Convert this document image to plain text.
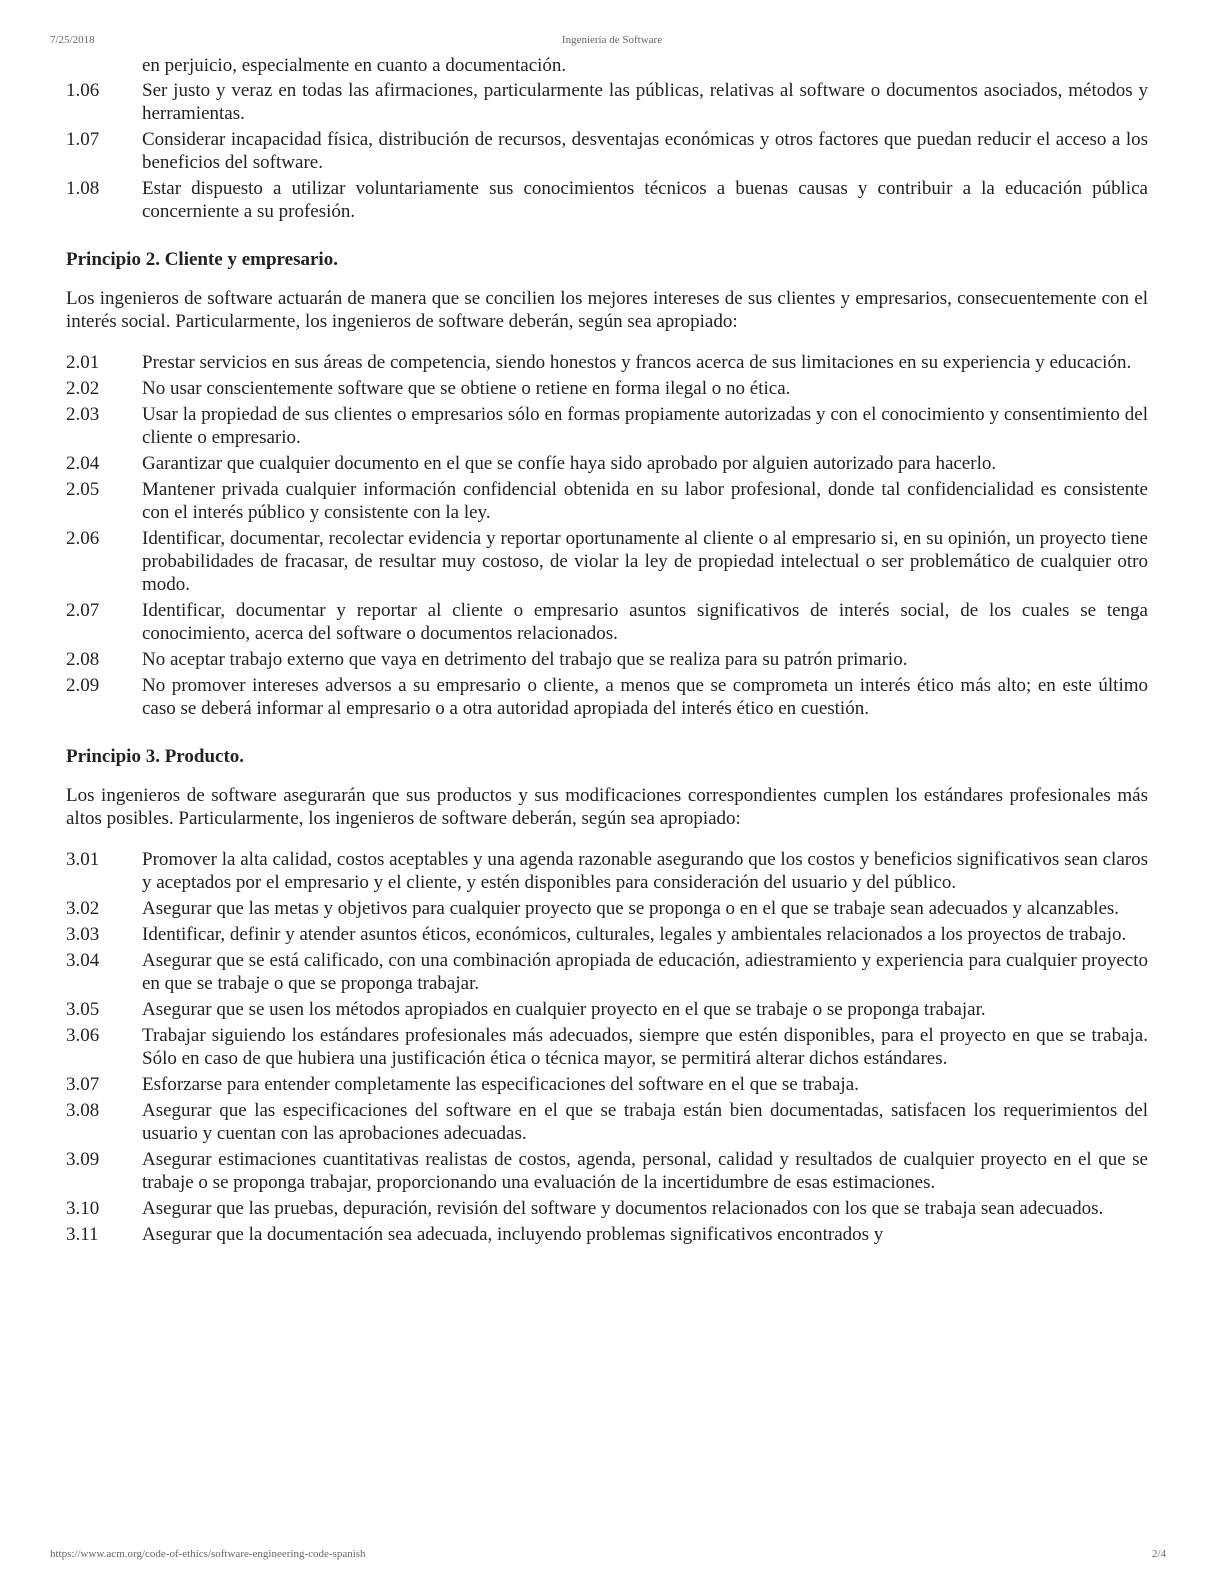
7/25/2018	Ingeniería de Software
en perjuicio, especialmente en cuanto a documentación.
1.06	Ser justo y veraz en todas las afirmaciones, particularmente las públicas, relativas al software o documentos asociados, métodos y herramientas.
1.07	Considerar incapacidad física, distribución de recursos, desventajas económicas y otros factores que puedan reducir el acceso a los beneficios del software.
1.08	Estar dispuesto a utilizar voluntariamente sus conocimientos técnicos a buenas causas y contribuir a la educación pública concerniente a su profesión.
Principio 2. Cliente y empresario.
Los ingenieros de software actuarán de manera que se concilien los mejores intereses de sus clientes y empresarios, consecuentemente con el interés social. Particularmente, los ingenieros de software deberán, según sea apropiado:
2.01	Prestar servicios en sus áreas de competencia, siendo honestos y francos acerca de sus limitaciones en su experiencia y educación.
2.02	No usar conscientemente software que se obtiene o retiene en forma ilegal o no ética.
2.03	Usar la propiedad de sus clientes o empresarios sólo en formas propiamente autorizadas y con el conocimiento y consentimiento del cliente o empresario.
2.04	Garantizar que cualquier documento en el que se confíe haya sido aprobado por alguien autorizado para hacerlo.
2.05	Mantener privada cualquier información confidencial obtenida en su labor profesional, donde tal confidencialidad es consistente con el interés público y consistente con la ley.
2.06	Identificar, documentar, recolectar evidencia y reportar oportunamente al cliente o al empresario si, en su opinión, un proyecto tiene probabilidades de fracasar, de resultar muy costoso, de violar la ley de propiedad intelectual o ser problemático de cualquier otro modo.
2.07	Identificar, documentar y reportar al cliente o empresario asuntos significativos de interés social, de los cuales se tenga conocimiento, acerca del software o documentos relacionados.
2.08	No aceptar trabajo externo que vaya en detrimento del trabajo que se realiza para su patrón primario.
2.09	No promover intereses adversos a su empresario o cliente, a menos que se comprometa un interés ético más alto; en este último caso se deberá informar al empresario o a otra autoridad apropiada del interés ético en cuestión.
Principio 3. Producto.
Los ingenieros de software asegurarán que sus productos y sus modificaciones correspondientes cumplen los estándares profesionales más altos posibles. Particularmente, los ingenieros de software deberán, según sea apropiado:
3.01	Promover la alta calidad, costos aceptables y una agenda razonable asegurando que los costos y beneficios significativos sean claros y aceptados por el empresario y el cliente, y estén disponibles para consideración del usuario y del público.
3.02	Asegurar que las metas y objetivos para cualquier proyecto que se proponga o en el que se trabaje sean adecuados y alcanzables.
3.03	Identificar, definir y atender asuntos éticos, económicos, culturales, legales y ambientales relacionados a los proyectos de trabajo.
3.04	Asegurar que se está calificado, con una combinación apropiada de educación, adiestramiento y experiencia para cualquier proyecto en que se trabaje o que se proponga trabajar.
3.05	Asegurar que se usen los métodos apropiados en cualquier proyecto en el que se trabaje o se proponga trabajar.
3.06	Trabajar siguiendo los estándares profesionales más adecuados, siempre que estén disponibles, para el proyecto en que se trabaja. Sólo en caso de que hubiera una justificación ética o técnica mayor, se permitirá alterar dichos estándares.
3.07	Esforzarse para entender completamente las especificaciones del software en el que se trabaja.
3.08	Asegurar que las especificaciones del software en el que se trabaja están bien documentadas, satisfacen los requerimientos del usuario y cuentan con las aprobaciones adecuadas.
3.09	Asegurar estimaciones cuantitativas realistas de costos, agenda, personal, calidad y resultados de cualquier proyecto en el que se trabaje o se proponga trabajar, proporcionando una evaluación de la incertidumbre de esas estimaciones.
3.10	Asegurar que las pruebas, depuración, revisión del software y documentos relacionados con los que se trabaja sean adecuados.
3.11	Asegurar que la documentación sea adecuada, incluyendo problemas significativos encontrados y
https://www.acm.org/code-of-ethics/software-engineering-code-spanish	2/4
